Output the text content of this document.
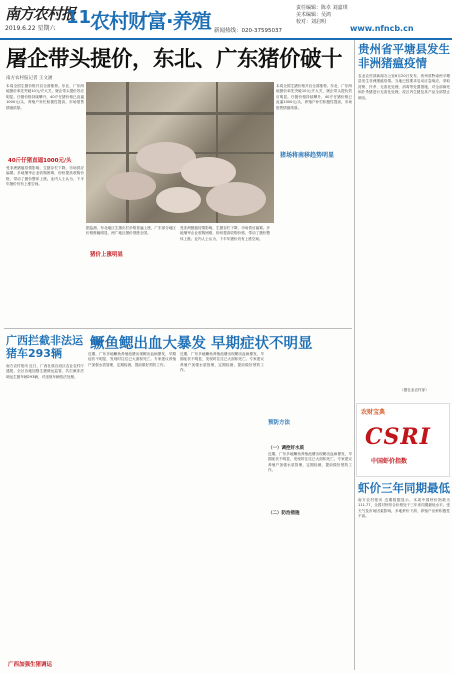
南方农村报
2019.6.22 星期六
11
农村财富·养殖
责任编辑：陈卓 刘嘉琪
美术编辑：吴鸿
校对：刘启明
新闻热线：020-37595037	www.nfncb.cn
屠企带头提价，东北、广东猪价破十
南方农村报记者 王文涵
本周全国生猪价格开启全面涨势。东北、广东两地猪价率先突破10元/斤大关，屠企带头提价效应明显。仔猪价格持续攀升，40斤仔猪价格已直逼1000元/头，养殖户补栏积极性提高，市场惜售情绪浓厚。
40斤仔猪直逼1000元/头
受非洲猪瘟疫情影响，生猪存栏下降，市场供应偏紧。多地屠宰企业收购困难，纷纷提高收购价格，带动了猪价整体上涨。业内人士认为，下半年猪价仍有上涨空间。
据监测，东北地区生猪出栏价格普遍上涨，广东部分地区价格涨幅明显，两广地区猪价领涨全国。
猪价上涨明显
受非洲猪瘟疫情影响，生猪存栏下降，市场供应偏紧。多地屠宰企业收购困难，纷纷提高收购价格，带动了猪价整体上涨。业内人士认为，下半年猪价仍有上涨空间。
本周全国生猪价格开启全面涨势。东北、广东两地猪价率先突破10元/斤大关，屠企带头提价效应明显。仔猪价格持续攀升，40斤仔猪价格已直逼1000元/头，养殖户补栏积极性提高，市场惜售情绪浓厚。
猪场将南移趋势明显
贵州省平塘县发生非洲猪瘟疫情
农业农村部新闻办公室6月20日发布，贵州省黔南州平塘县发生非洲猪瘟疫情。当地已按要求启动应急响应，采取封锁、扑杀、无害化处理、消毒等处置措施，对全部病死和扑杀猪进行无害化处理，疫区内生猪及其产品全部禁止调出。
（据农业农村部）
农财宝典
CSRI
中国虾价指数
虾价三年同期最低
南方农村报讯 近期数据显示，本周中国虾价指数为111.77，全国对虾综合价格处于三年来同期最低水平。受天气及市场因素影响，多地虾价下滑，养殖户出虾积极性不高。
广西拦截非法运猪车293辆
南方农村报讯 近日，广西壮族自治区农业农村厅通报，全区各地加强生猪调运监管，共拦截非法调运生猪车辆293辆，对违规车辆依法处理。
广西加强生猪调运
鳜鱼鳃出血大暴发 早期症状不明显
近期，广东多地鳜鱼养殖池塘出现鳃出血病暴发，早期症状不明显，发现时往往已大面积死亡。专家建议养殖户加强水质管理，定期检测，提前做好预防工作。
近期，广东多地鳜鱼养殖池塘出现鳃出血病暴发，早期症状不明显，发现时往往已大面积死亡。专家建议养殖户加强水质管理，定期检测，提前做好预防工作。
预防方法
（一）调控好水质
近期，广东多地鳜鱼养殖池塘出现鳃出血病暴发，早期症状不明显，发现时往往已大面积死亡。专家建议养殖户加强水质管理，定期检测，提前做好预防工作。
（二）防治措施
